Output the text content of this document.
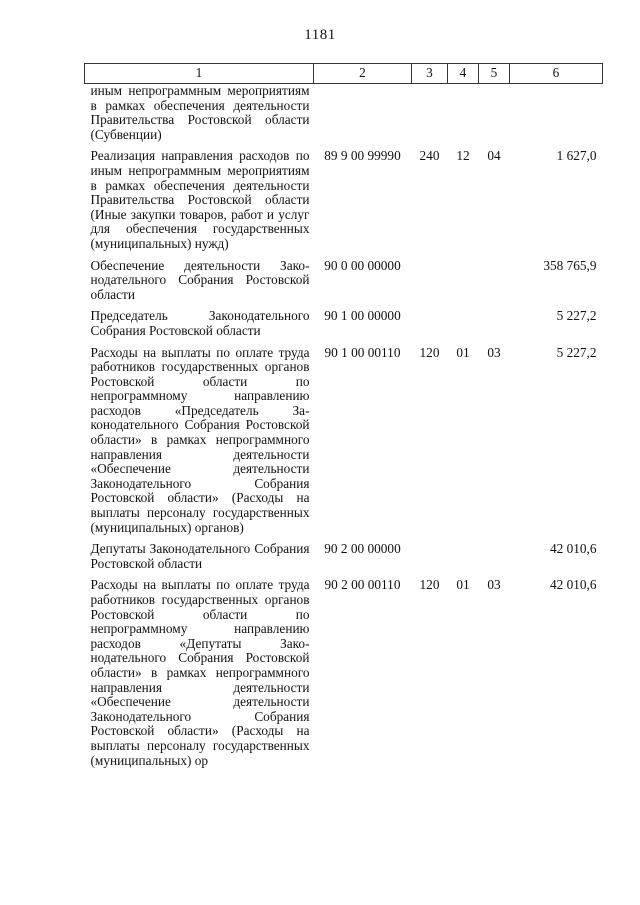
1181
1	2	3	4	5	6
иным непрограммным мероприятиям в рамках обеспечения деятельности Правительства Ростовской области (Субвенции)					
Реализация направления расходов по иным непрограммным мероприятиям в рамках обеспечения деятельности Правительства Ростовской области (Иные закупки товаров, работ и услуг для обеспечения государственных (муниципальных) нужд)	89 9 00 99990	240	12	04	1 627,0
Обеспечение деятельности Законодательного Собрания Ростовской области	90 0 00 00000				358 765,9
Председатель Законодательного Собрания Ростовской области	90 1 00 00000				5 227,2
Расходы на выплаты по оплате труда работников государственных органов Ростовской области по непрограммному направлению расходов «Председатель Законодательного Собрания Ростовской области» в рамках непрограммного направления деятельности «Обеспечение деятельности Законодательного Собрания Ростовской области» (Расходы на выплаты персоналу государственных (муниципальных) органов)	90 1 00 00110	120	01	03	5 227,2
Депутаты Законодательного Собрания Ростовской области	90 2 00 00000				42 010,6
Расходы на выплаты по оплате труда работников государственных органов Ростовской области по непрограммному направлению расходов «Депутаты Законодательного Собрания Ростовской области» в рамках непрограммного направления деятельности «Обеспечение деятельности Законодательного Собрания Ростовской области» (Расходы на выплаты персоналу государственных (муниципальных) ор	90 2 00 00110	120	01	03	42 010,6
